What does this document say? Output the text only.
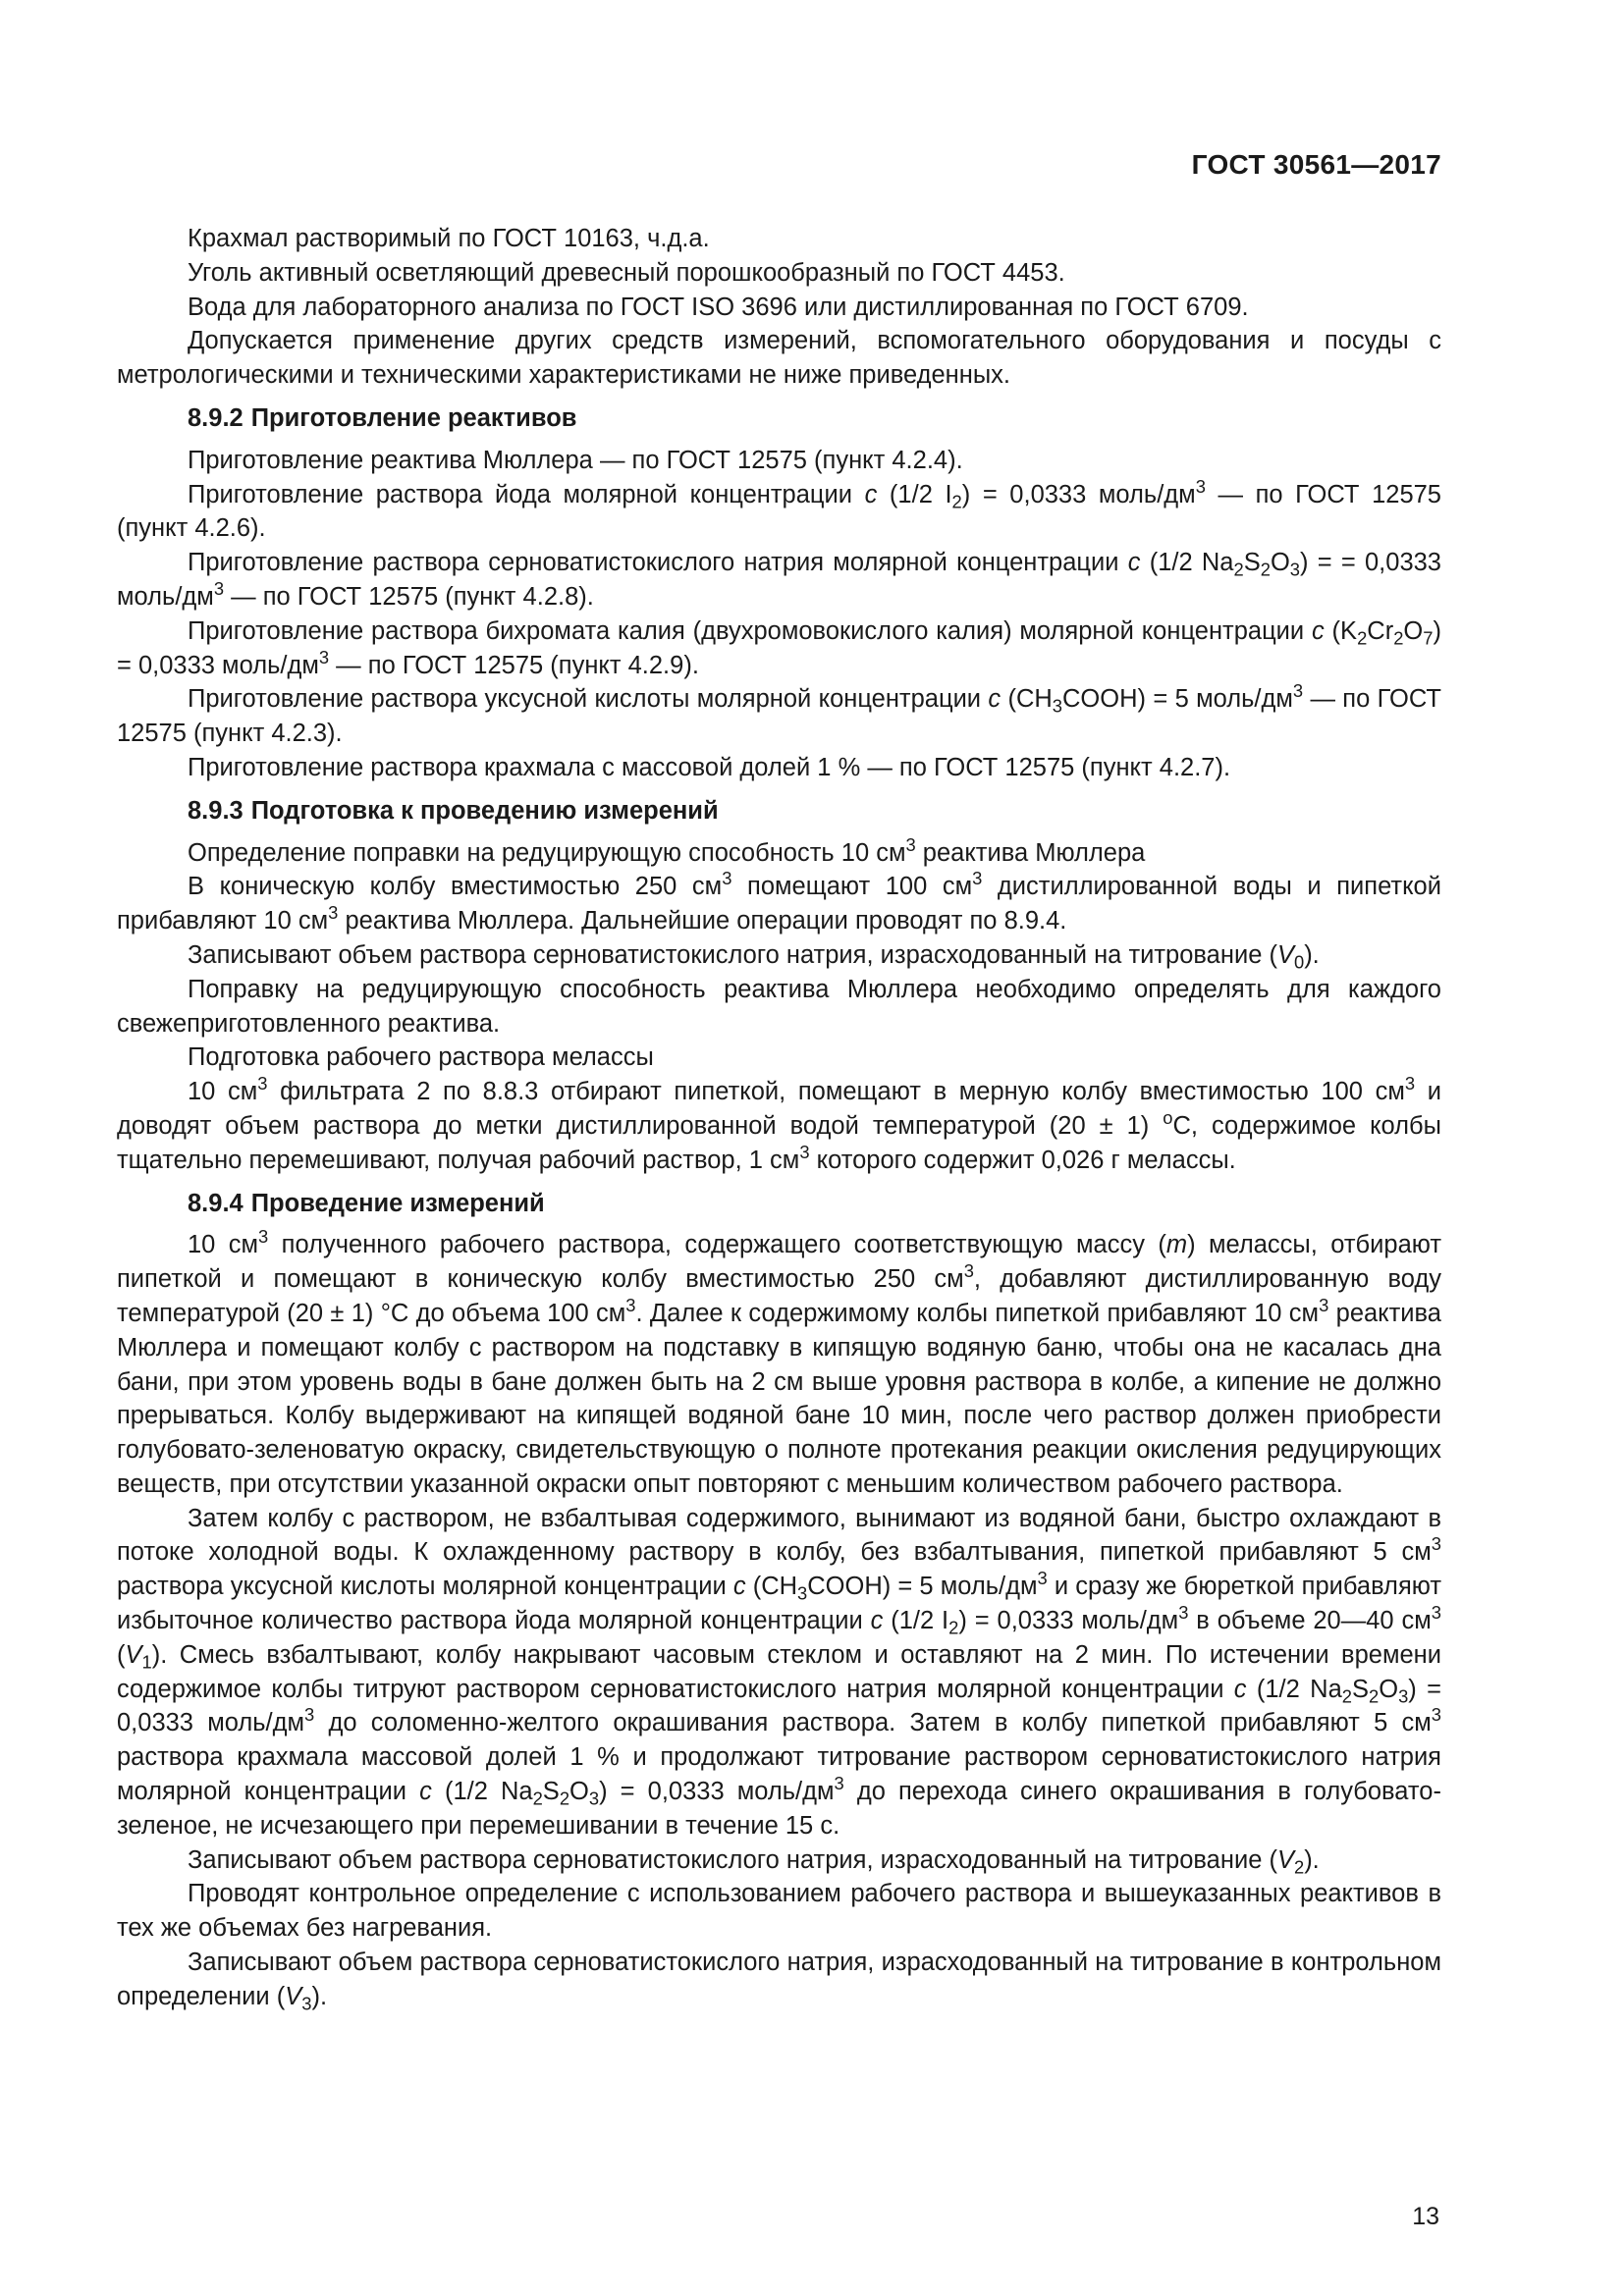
ГОСТ 30561—2017

Крахмал растворимый по ГОСТ 10163, ч.д.а.

Уголь активный осветляющий древесный порошкообразный по ГОСТ 4453.

Вода для лабораторного анализа по ГОСТ ISO 3696 или дистиллированная по ГОСТ 6709.

Допускается применение других средств измерений, вспомогательного оборудования и посуды с метрологическими и техническими характеристиками не ниже приведенных.

8.9.2 Приготовление реактивов

Приготовление реактива Мюллера — по ГОСТ 12575 (пункт 4.2.4).

Приготовление раствора йода молярной концентрации c (1/2 $I_2) = 0,0333$ моль/$дм^3$ — по ГОСТ 12575 (пункт 4.2.6).

Приготовление раствора серноватистокислого натрия молярной концентрации c (1/2 $Na_2S_2O_3$) = = 0,0333 моль/$дм^3$ — по ГОСТ 12575 (пункт 4.2.8).

Приготовление раствора бихромата калия (двухромовокислого калия) молярной концентрации c $(K_2Cr_2O_7) = 0,0333$ моль/$дм^3$ — по ГОСТ 12575 (пункт 4.2.9).

Приготовление раствора уксусной кислоты молярной концентрации c $(CH_3COOH) = 5$ моль/$дм^3$ — по ГОСТ 12575 (пункт 4.2.3).

Приготовление раствора крахмала с массовой долей 1 % — по ГОСТ 12575 (пункт 4.2.7).

8.9.3 Подготовка к проведению измерений

Определение поправки на редуцирующую способность 10 $см^3$ реактива Мюллера

В коническую колбу вместимостью 250 $см^3$ помещают 100 $см^3$ дистиллированной воды и пипеткой прибавляют 10 $см^3$ реактива Мюллера. Дальнейшие операции проводят по 8.9.4.

Записывают объем раствора серноватистокислого натрия, израсходованный на титрование $(V_0)$.

Поправку на редуцирующую способность реактива Мюллера необходимо определять для каждого свежеприготовленного реактива.

Подготовка рабочего раствора мелассы

10 $см^3$ фильтрата 2 по 8.8.3 отбирают пипеткой, помещают в мерную колбу вместимостью 100 $см^3$ и доводят объем раствора до метки дистиллированной водой температурой (20 ± 1) $^о$С, содержимое колбы тщательно перемешивают, получая рабочий раствор, 1 $см^3$ которого содержит 0,026 г мелассы.

8.9.4 Проведение измерений

10 $см^3$ полученного рабочего раствора, содержащего соответствующую массу (m) мелассы, отбирают пипеткой и помещают в коническую колбу вместимостью 250 $см^3$, добавляют дистиллированную воду температурой (20 ± 1) °С до объема 100 $см^3$. Далее к содержимому колбы пипеткой прибавляют 10 $см^3$ реактива Мюллера и помещают колбу с раствором на подставку в кипящую водяную баню, чтобы она не касалась дна бани, при этом уровень воды в бане должен быть на 2 см выше уровня раствора в колбе, а кипение не должно прерываться. Колбу выдерживают на кипящей водяной бане 10 мин, после чего раствор должен приобрести голубовато-зеленоватую окраску, свидетельствующую о полноте протекания реакции окисления редуцирующих веществ, при отсутствии указанной окраски опыт повторяют с меньшим количеством рабочего раствора.

Затем колбу с раствором, не взбалтывая содержимого, вынимают из водяной бани, быстро охлаждают в потоке холодной воды. К охлажденному раствору в колбу, без взбалтывания, пипеткой прибавляют 5 $см^3$ раствора уксусной кислоты молярной концентрации c $(CH_3COOH) = 5$ моль/$дм^3$ и сразу же бюреткой прибавляют избыточное количество раствора йода молярной концентрации c (1/2 $I_2) = 0,0333$ моль/$дм^3$ в объеме 20—40 $см^3$ $(V_1)$. Смесь взбалтывают, колбу накрывают часовым стеклом и оставляют на 2 мин. По истечении времени содержимое колбы титруют раствором серноватистокислого натрия молярной концентрации c (1/2 $Na_2S_2O_3) = 0,0333$ моль/$дм^3$ до соломенно-желтого окрашивания раствора. Затем в колбу пипеткой прибавляют 5 $см^3$ раствора крахмала массовой долей 1 % и продолжают титрование раствором серноватистокислого натрия молярной концентрации c (1/2 $Na_2S_2O_3) = 0,0333$ моль/$дм^3$ до перехода синего окрашивания в голубовато-зеленое, не исчезающего при перемешивании в течение 15 с.

Записывают объем раствора серноватистокислого натрия, израсходованный на титрование $(V_2)$.

Проводят контрольное определение с использованием рабочего раствора и вышеуказанных реактивов в тех же объемах без нагревания.

Записывают объем раствора серноватистокислого натрия, израсходованный на титрование в контрольном определении $(V_3)$.

13
